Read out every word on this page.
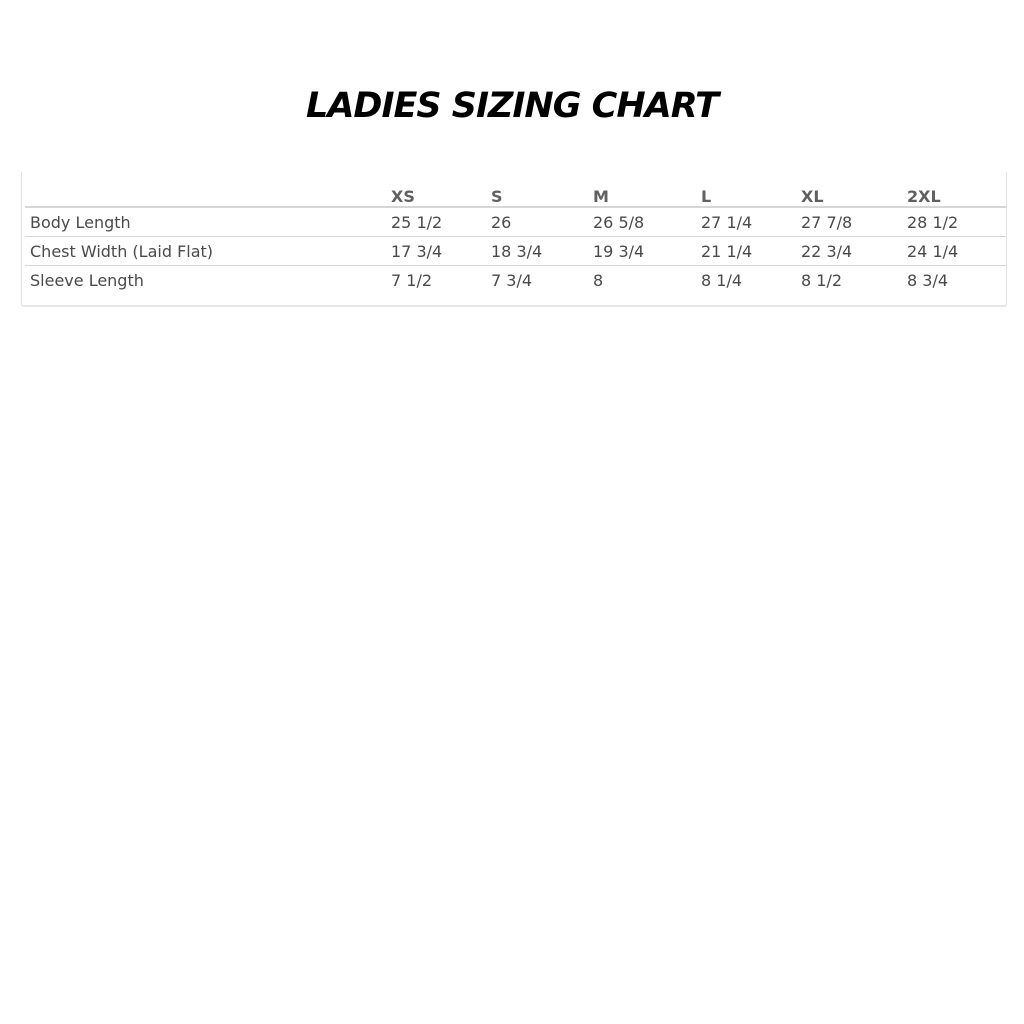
LADIES SIZING CHART
	XS	S	M	L	XL	2XL
Body Length	25 1/2	26	26 5/8	27 1/4	27 7/8	28 1/2
Chest Width (Laid Flat)	17 3/4	18 3/4	19 3/4	21 1/4	22 3/4	24 1/4
Sleeve Length	7 1/2	7 3/4	8	8 1/4	8 1/2	8 3/4
